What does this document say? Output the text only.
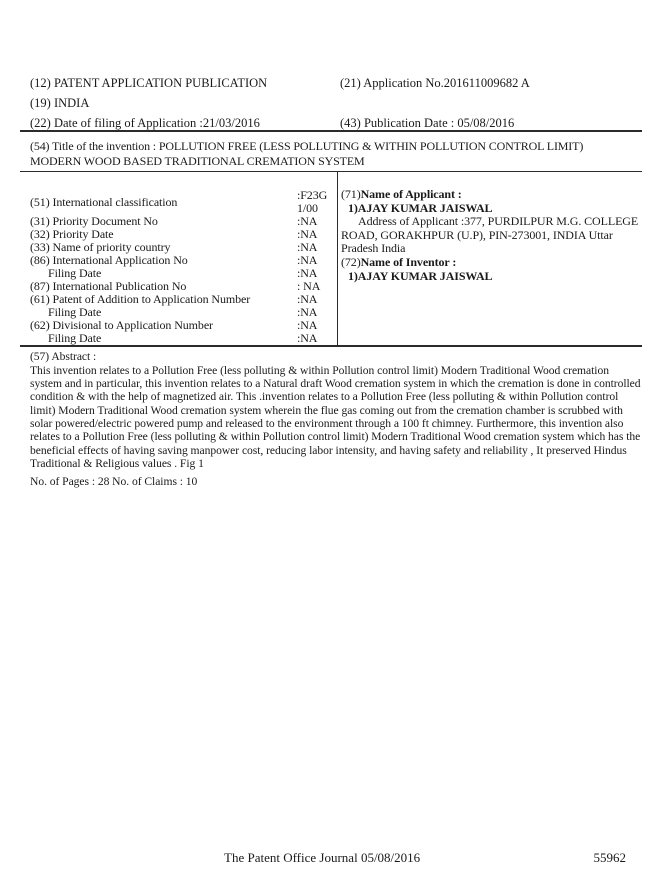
(12) PATENT APPLICATION PUBLICATION
(19) INDIA
(22) Date of filing of Application :21/03/2016
(21) Application No.201611009682 A
(43) Publication Date : 05/08/2016
(54) Title of the invention : POLLUTION FREE (LESS POLLUTING & WITHIN POLLUTION CONTROL LIMIT) MODERN WOOD BASED TRADITIONAL CREMATION SYSTEM
(51) International classification	:F23G 1/00
(31) Priority Document No	:NA
(32) Priority Date	:NA
(33) Name of priority country	:NA
(86) International Application No	:NA
Filing Date	:NA
(87) International Publication No	: NA
(61) Patent of Addition to Application Number	:NA
Filing Date	:NA
(62) Divisional to Application Number	:NA
Filing Date	:NA
(71)Name of Applicant :
1)AJAY KUMAR JAISWAL
Address of Applicant :377, PURDILPUR M.G. COLLEGE ROAD, GORAKHPUR (U.P), PIN-273001, INDIA Uttar Pradesh India
(72)Name of Inventor :
1)AJAY KUMAR JAISWAL
(57) Abstract :
This invention relates to a Pollution Free (less polluting & within Pollution control limit) Modern Traditional Wood cremation system and in particular, this invention relates to a Natural draft Wood cremation system in which the cremation is done in controlled condition & with the help of magnetized air. This .invention relates to a Pollution Free (less polluting & within Pollution control limit) Modern Traditional Wood cremation system wherein the flue gas coming out from the cremation chamber is scrubbed with solar powered/electric powered pump and released to the environment through a 100 ft chimney. Furthermore, this invention also relates to a Pollution Free (less polluting & within Pollution control limit) Modern Traditional Wood cremation system which has the beneficial effects of having saving manpower cost, reducing labor intensity, and having safety and reliability , It preserved Hindus Traditional & Religious values . Fig 1
No. of Pages : 28 No. of Claims : 10
The Patent Office Journal 05/08/2016	55962
